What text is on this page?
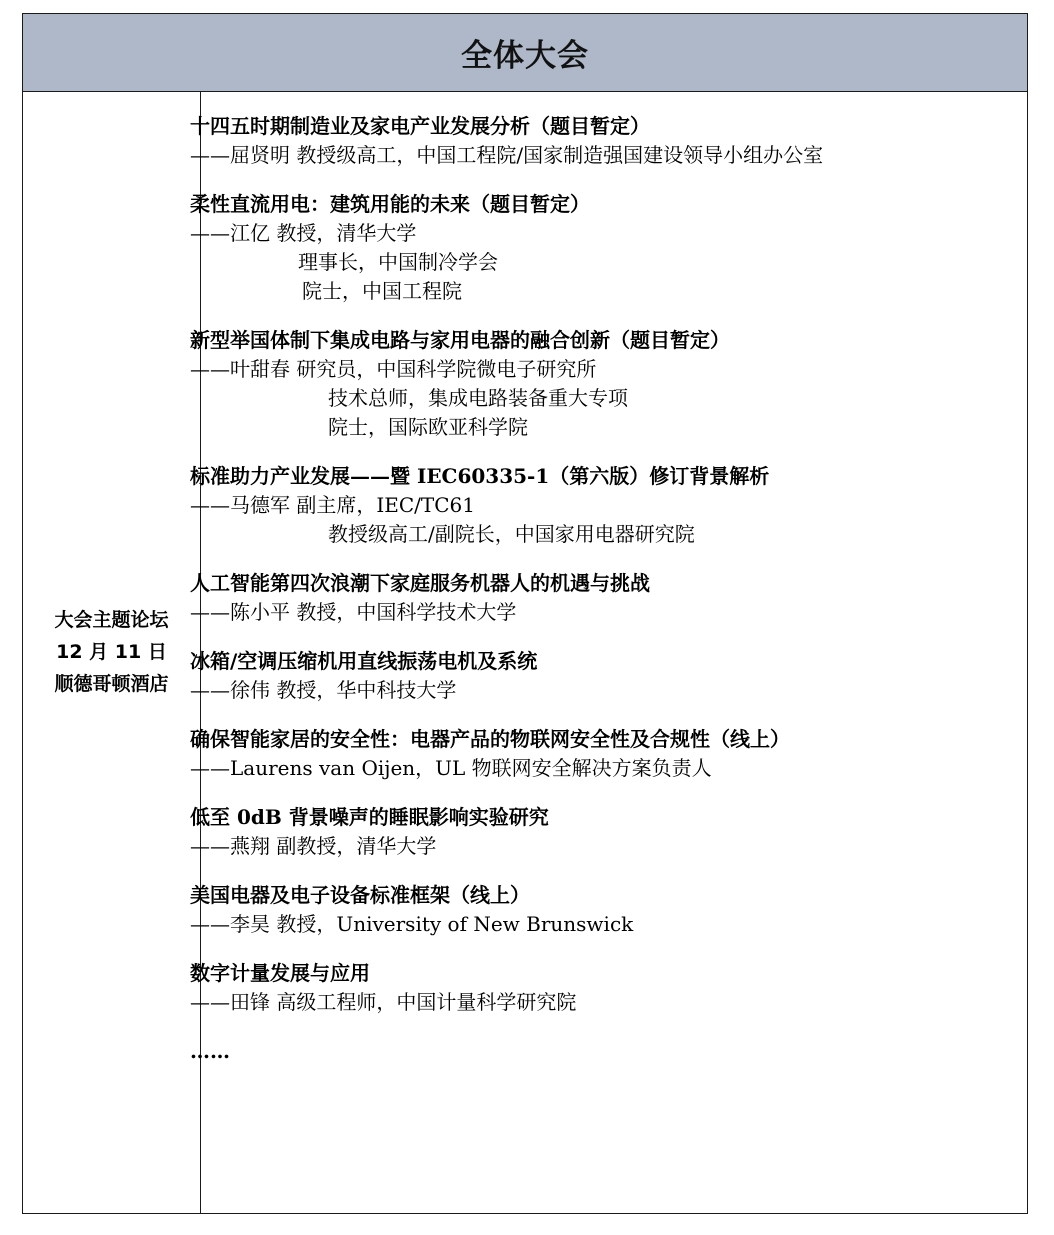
全体大会
大会主题论坛
12 月 11 日
顺德哥顿酒店
十四五时期制造业及家电产业发展分析（题目暂定）
——屈贤明 教授级高工，中国工程院/国家制造强国建设领导小组办公室
柔性直流用电：建筑用能的未来（题目暂定）
——江亿 教授，清华大学
理事长，中国制冷学会
院士，中国工程院
新型举国体制下集成电路与家用电器的融合创新（题目暂定）
——叶甜春 研究员，中国科学院微电子研究所
技术总师，集成电路装备重大专项
院士，国际欧亚科学院
标准助力产业发展——暨 IEC60335-1（第六版）修订背景解析
——马德军 副主席，IEC/TC61
教授级高工/副院长，中国家用电器研究院
人工智能第四次浪潮下家庭服务机器人的机遇与挑战
——陈小平 教授，中国科学技术大学
冰箱/空调压缩机用直线振荡电机及系统
——徐伟 教授，华中科技大学
确保智能家居的安全性：电器产品的物联网安全性及合规性（线上）
——Laurens van Oijen，UL 物联网安全解决方案负责人
低至 0dB 背景噪声的睡眠影响实验研究
——燕翔 副教授，清华大学
美国电器及电子设备标准框架（线上）
——李昊 教授，University of New Brunswick
数字计量发展与应用
——田锋 高级工程师，中国计量科学研究院
……
